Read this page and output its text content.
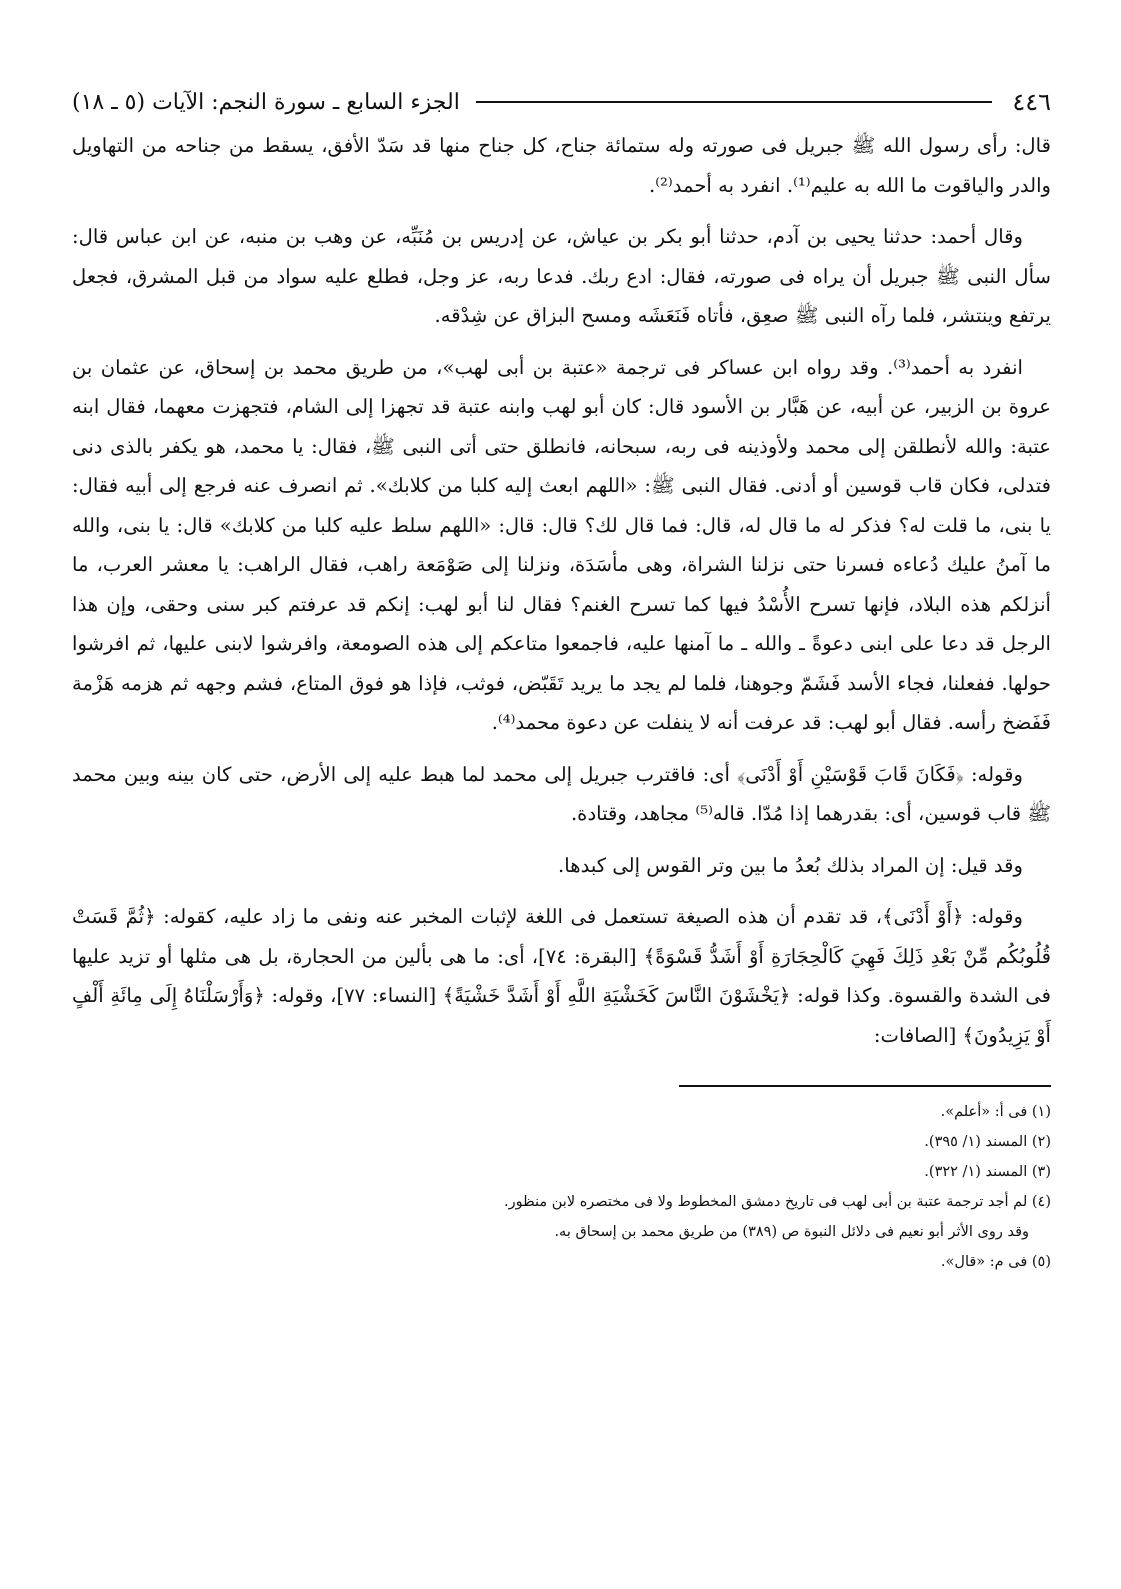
٤٤٦
الجزء السابع ـ سورة النجم: الآيات (٥ ـ ١٨)

قال: رأى رسول الله ﷺ جبريل فى صورته وله ستمائة جناح، كل جناح منها قد سَدّ الأفق، يسقط من جناحه من التهاويل والدر والياقوت ما الله به عليم⁽¹⁾. انفرد به أحمد⁽²⁾.

وقال أحمد: حدثنا يحيى بن آدم، حدثنا أبو بكر بن عياش، عن إدريس بن مُنَبِّه، عن وهب بن منبه، عن ابن عباس قال: سأل النبى ﷺ جبريل أن يراه فى صورته، فقال: ادع ربك. فدعا ربه، عز وجل، فطلع عليه سواد من قبل المشرق، فجعل يرتفع وينتشر، فلما رآه النبى ﷺ صعِق، فأتاه فَنَعَشَه ومسح البزاق عن شِدْقه.

انفرد به أحمد⁽³⁾. وقد رواه ابن عساكر فى ترجمة «عتبة بن أبى لهب»، من طريق محمد بن إسحاق، عن عثمان بن عروة بن الزبير، عن أبيه، عن هَبَّار بن الأسود قال: كان أبو لهب وابنه عتبة قد تجهزا إلى الشام، فتجهزت معهما، فقال ابنه عتبة: والله لأنطلقن إلى محمد ولأوذينه فى ربه، سبحانه، فانطلق حتى أتى النبى ﷺ، فقال: يا محمد، هو يكفر بالذى دنى فتدلى، فكان قاب قوسين أو أدنى. فقال النبى ﷺ: «اللهم ابعث إليه كلبا من كلابك». ثم انصرف عنه فرجع إلى أبيه فقال: يا بنى، ما قلت له؟ فذكر له ما قال له، قال: فما قال لك؟ قال: قال: «اللهم سلط عليه كلبا من كلابك» قال: يا بنى، والله ما آمنُ عليك دُعاءه فسرنا حتى نزلنا الشراة، وهى مأسَدَة، ونزلنا إلى صَوْمَعة راهب، فقال الراهب: يا معشر العرب، ما أنزلكم هذه البلاد، فإنها تسرح الأُسْدُ فيها كما تسرح الغنم؟ فقال لنا أبو لهب: إنكم قد عرفتم كبر سنى وحقى، وإن هذا الرجل قد دعا على ابنى دعوةً ـ والله ـ ما آمنها عليه، فاجمعوا متاعكم إلى هذه الصومعة، وافرشوا لابنى عليها، ثم افرشوا حولها. ففعلنا، فجاء الأسد فَشَمّ وجوهنا، فلما لم يجد ما يريد تَقَبّض، فوثب، فإذا هو فوق المتاع، فشم وجهه ثم هزمه هَزْمة فَفَضخ رأسه. فقال أبو لهب: قد عرفت أنه لا ينفلت عن دعوة محمد⁽⁴⁾.

وقوله: ﴿فَكَانَ قَابَ قَوْسَيْنِ أَوْ أَدْنَى﴾ أى: فاقترب جبريل إلى محمد لما هبط عليه إلى الأرض، حتى كان بينه وبين محمد ﷺ قاب قوسين، أى: بقدرهما إذا مُدّا. قاله⁽⁵⁾ مجاهد، وقتادة.

وقد قيل: إن المراد بذلك بُعدُ ما بين وتر القوس إلى كبدها.

وقوله: ﴿أَوْ أَدْنَى﴾، قد تقدم أن هذه الصيغة تستعمل فى اللغة لإثبات المخبر عنه ونفى ما زاد عليه، كقوله: ﴿ثُمَّ قَسَتْ قُلُوبُكُم مِّنْ بَعْدِ ذَلِكَ فَهِيَ كَالْحِجَارَةِ أَوْ أَشَدُّ قَسْوَةً﴾ [البقرة: ٧٤]، أى: ما هى بألين من الحجارة، بل هى مثلها أو تزيد عليها فى الشدة والقسوة. وكذا قوله: ﴿يَخْشَوْنَ النَّاسَ كَخَشْيَةِ اللَّهِ أَوْ أَشَدَّ خَشْيَةً﴾ [النساء: ٧٧]، وقوله: ﴿وَأَرْسَلْنَاهُ إِلَى مِائَةِ أَلْفٍ أَوْ يَزِيدُونَ﴾ [الصافات:

(١) فى أ: «أعلم».

(٢) المسند (١/ ٣٩٥).

(٣) المسند (١/ ٣٢٢).

(٤) لم أجد ترجمة عتبة بن أبى لهب فى تاريخ دمشق المخطوط ولا فى مختصره لابن منظور.

وقد روى الأثر أبو نعيم فى دلائل النبوة ص (٣٨٩) من طريق محمد بن إسحاق به.

(٥) فى م: «قال».
